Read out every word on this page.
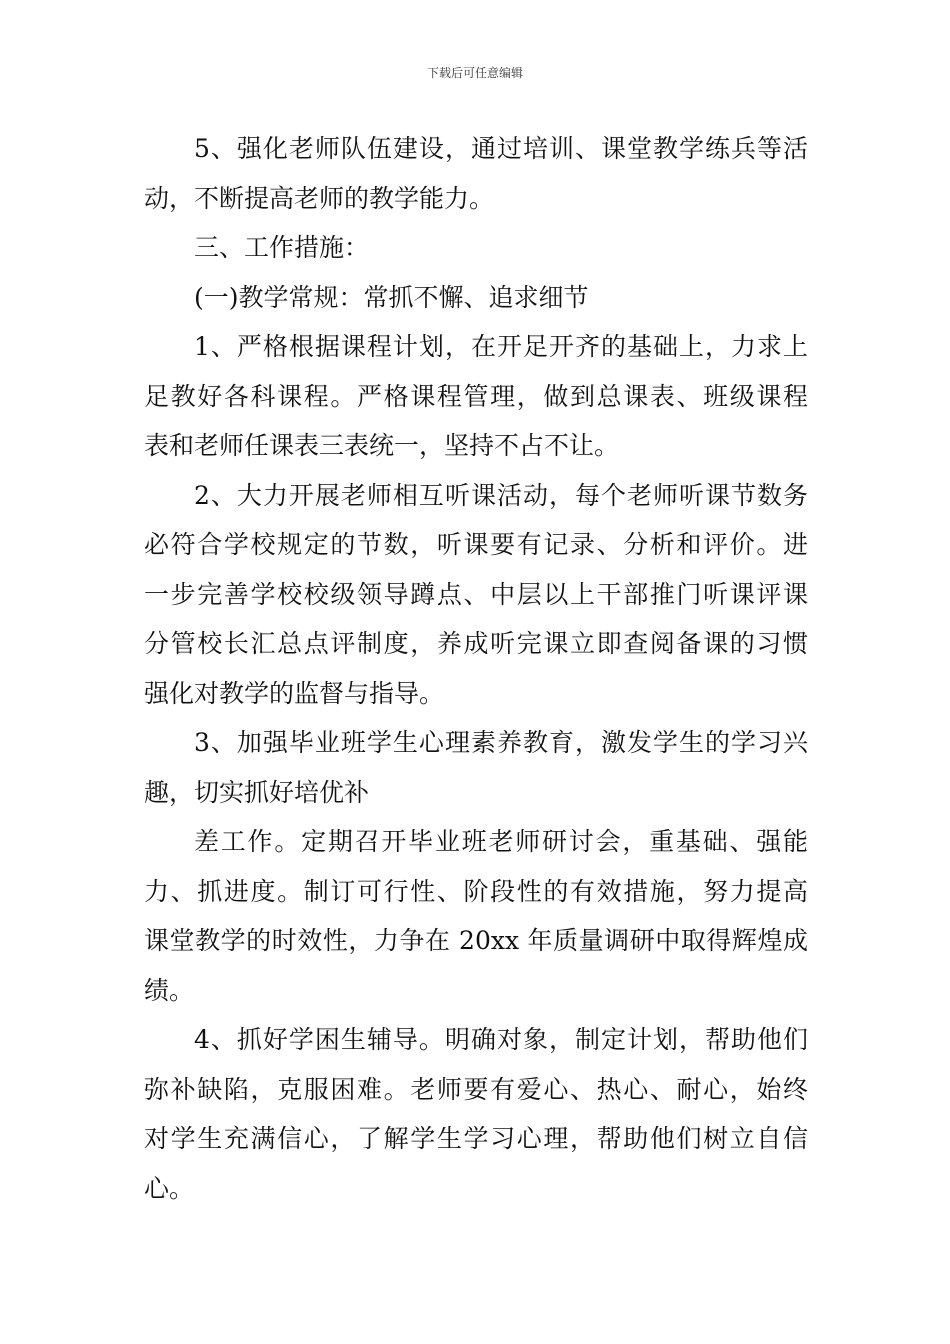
下载后可任意编辑
5、强化老师队伍建设，通过培训、课堂教学练兵等活
动，不断提高老师的教学能力。
三、工作措施：
(一)教学常规：常抓不懈、追求细节
1、严格根据课程计划，在开足开齐的基础上，力求上
足教好各科课程。严格课程管理，做到总课表、班级课程
表和老师任课表三表统一，坚持不占不让。
2、大力开展老师相互听课活动，每个老师听课节数务
必符合学校规定的节数，听课要有记录、分析和评价。进
一步完善学校校级领导蹲点、中层以上干部推门听课评课
分管校长汇总点评制度，养成听完课立即查阅备课的习惯
强化对教学的监督与指导。
3、加强毕业班学生心理素养教育，激发学生的学习兴
趣，切实抓好培优补
差工作。定期召开毕业班老师研讨会，重基础、强能
力、抓进度。制订可行性、阶段性的有效措施，努力提高
课堂教学的时效性，力争在 20xx 年质量调研中取得辉煌成
绩。
4、抓好学困生辅导。明确对象，制定计划，帮助他们
弥补缺陷，克服困难。老师要有爱心、热心、耐心，始终
对学生充满信心，了解学生学习心理，帮助他们树立自信
心。
